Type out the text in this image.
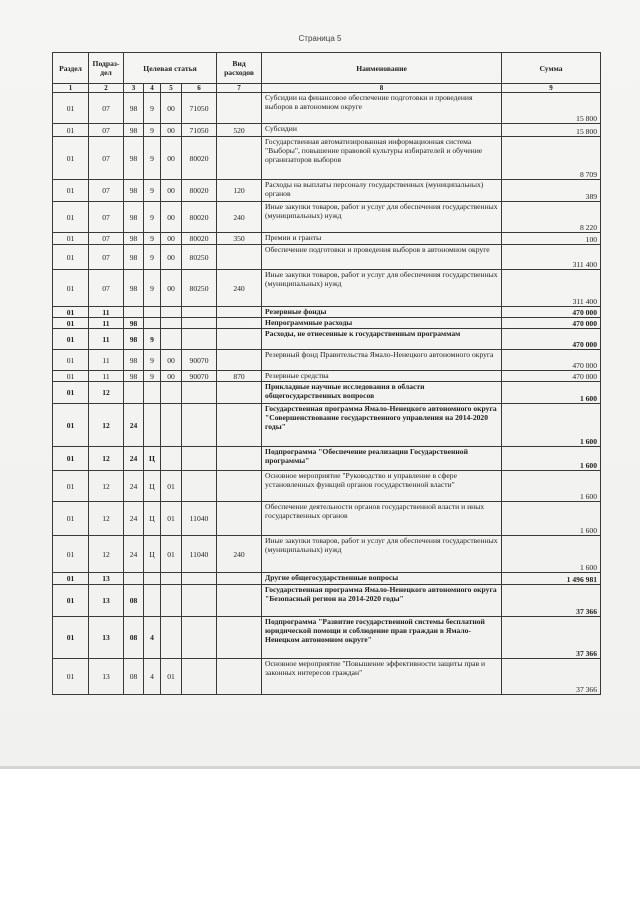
Страница 5
Раздел	Подраз-дел	Целевая статья				Вид расходов	Наименование	Сумма
1	2	3	4	5	6	7	8	9
01	07	98	9	00	71050		Субсидии на финансовое обеспечение подготовки и проведения выборов в автономном округе	15 800
01	07	98	9	00	71050	520	Субсидии	15 800
01	07	98	9	00	80020		Государственная автоматизированная информационная система "Выборы", повышение правовой культуры избирателей и обучение организаторов выборов	8 709
01	07	98	9	00	80020	120	Расходы на выплаты персоналу государственных (муниципальных) органов	389
01	07	98	9	00	80020	240	Иные закупки товаров, работ и услуг для обеспечения государственных (муниципальных) нужд	8 220
01	07	98	9	00	80020	350	Премии и гранты	100
01	07	98	9	00	80250		Обеспечение подготовки и проведения выборов в автономном округе	311 400
01	07	98	9	00	80250	240	Иные закупки товаров, работ и услуг для обеспечения государственных (муниципальных) нужд	311 400
01	11						Резервные фонды	470 000
01	11	98					Непрограммные расходы	470 000
01	11	98	9				Расходы, не отнесенные к государственным программам	470 000
01	11	98	9	00	90070		Резервный фонд Правительства Ямало-Ненецкого автономного округа	470 000
01	11	98	9	00	90070	870	Резервные средства	470 000
01	12						Прикладные научные исследования в области общегосударственных вопросов	1 600
01	12	24					Государственная программа Ямало-Ненецкого автономного округа "Совершенствование государственного управления на 2014-2020 годы"	1 600
01	12	24	Ц				Подпрограмма "Обеспечение реализации Государственной программы"	1 600
01	12	24	Ц	01			Основное мероприятие "Руководство и управление в сфере установленных функций органов государственной власти"	1 600
01	12	24	Ц	01	11040		Обеспечение деятельности органов государственной власти и иных государственных органов	1 600
01	12	24	Ц	01	11040	240	Иные закупки товаров, работ и услуг для обеспечения государственных (муниципальных) нужд	1 600
01	13						Другие общегосударственные вопросы	1 496 981
01	13	08					Государственная программа Ямало-Ненецкого автономного округа "Безопасный регион на 2014-2020 годы"	37 366
01	13	08	4				Подпрограмма "Развитие государственной системы бесплатной юридической помощи и соблюдение прав граждан в Ямало-Ненецком автономном округе"	37 366
01	13	08	4	01			Основное мероприятие "Повышение эффективности защиты прав и законных интересов граждан"	37 366
